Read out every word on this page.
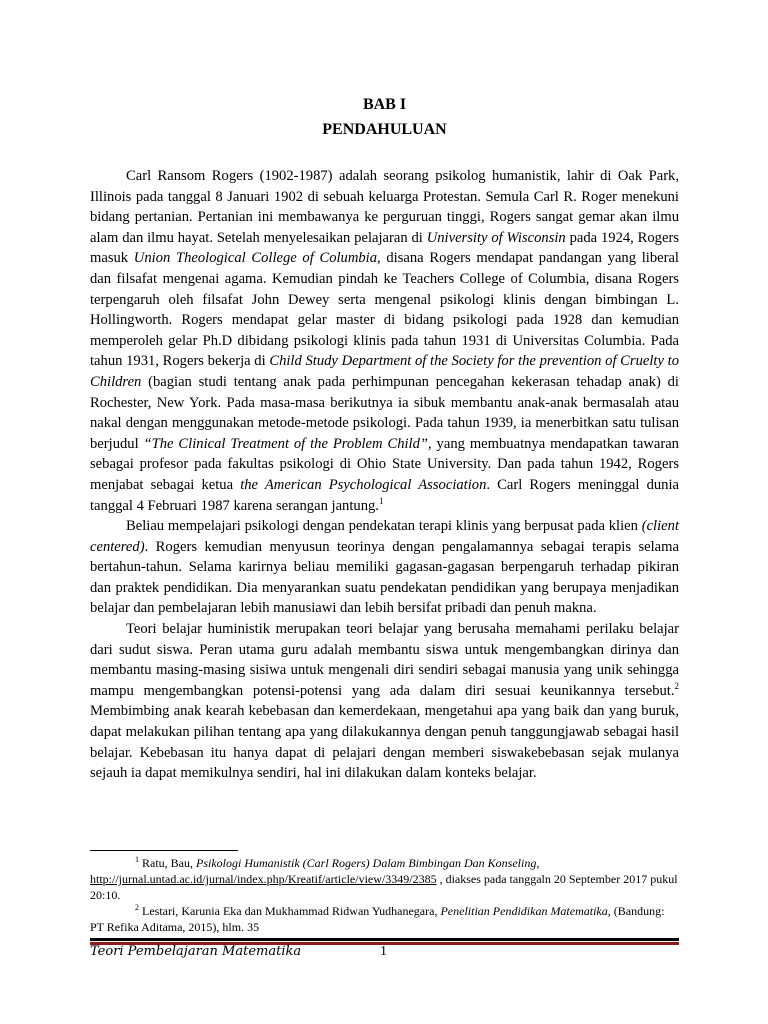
BAB I
PENDAHULUAN

Carl Ransom Rogers (1902-1987) adalah seorang psikolog humanistik, lahir di Oak Park, Illinois pada tanggal 8 Januari 1902 di sebuah keluarga Protestan. Semula Carl R. Roger menekuni bidang pertanian. Pertanian ini membawanya ke perguruan tinggi, Rogers sangat gemar akan ilmu alam dan ilmu hayat. Setelah menyelesaikan pelajaran di University of Wisconsin pada 1924, Rogers masuk Union Theological College of Columbia, disana Rogers mendapat pandangan yang liberal dan filsafat mengenai agama. Kemudian pindah ke Teachers College of Columbia, disana Rogers terpengaruh oleh filsafat John Dewey serta mengenal psikologi klinis dengan bimbingan L. Hollingworth. Rogers mendapat gelar master di bidang psikologi pada 1928 dan kemudian memperoleh gelar Ph.D dibidang psikologi klinis pada tahun 1931 di Universitas Columbia. Pada tahun 1931, Rogers bekerja di Child Study Department of the Society for the prevention of Cruelty to Children (bagian studi tentang anak pada perhimpunan pencegahan kekerasan tehadap anak) di Rochester, New York. Pada masa-masa berikutnya ia sibuk membantu anak-anak bermasalah atau nakal dengan menggunakan metode-metode psikologi. Pada tahun 1939, ia menerbitkan satu tulisan berjudul “The Clinical Treatment of the Problem Child”, yang membuatnya mendapatkan tawaran sebagai profesor pada fakultas psikologi di Ohio State University. Dan pada tahun 1942, Rogers menjabat sebagai ketua the American Psychological Association. Carl Rogers meninggal dunia tanggal 4 Februari 1987 karena serangan jantung.$^1$

Beliau mempelajari psikologi dengan pendekatan terapi klinis yang berpusat pada klien (client centered). Rogers kemudian menyusun teorinya dengan pengalamannya sebagai terapis selama bertahun-tahun. Selama karirnya beliau memiliki gagasan-gagasan berpengaruh terhadap pikiran dan praktek pendidikan. Dia menyarankan suatu pendekatan pendidikan yang berupaya menjadikan belajar dan pembelajaran lebih manusiawi dan lebih bersifat pribadi dan penuh makna.

Teori belajar huministik merupakan teori belajar yang berusaha memahami perilaku belajar dari sudut siswa. Peran utama guru adalah membantu siswa untuk mengembangkan dirinya dan membantu masing-masing sisiwa untuk mengenali diri sendiri sebagai manusia yang unik sehingga mampu mengembangkan potensi-potensi yang ada dalam diri sesuai keunikannya tersebut.$^2$ Membimbing anak kearah kebebasan dan kemerdekaan, mengetahui apa yang baik dan yang buruk, dapat melakukan pilihan tentang apa yang dilakukannya dengan penuh tanggungjawab sebagai hasil belajar. Kebebasan itu hanya dapat di pelajari dengan memberi siswakebebasan sejak mulanya sejauh ia dapat memikulnya sendiri, hal ini dilakukan dalam konteks belajar.

$^1$ Ratu, Bau, Psikologi Humanistik (Carl Rogers) Dalam Bimbingan Dan Konseling, http://jurnal.untad.ac.id/jurnal/index.php/Kreatif/article/view/3349/2385 , diakses pada tanggaln 20 September 2017 pukul 20:10.

$^2$ Lestari, Karunia Eka dan Mukhammad Ridwan Yudhanegara, Penelitian Pendidikan Matematika, (Bandung: PT Refika Aditama, 2015), hlm. 35

Teori Pembelajaran Matematika	1
